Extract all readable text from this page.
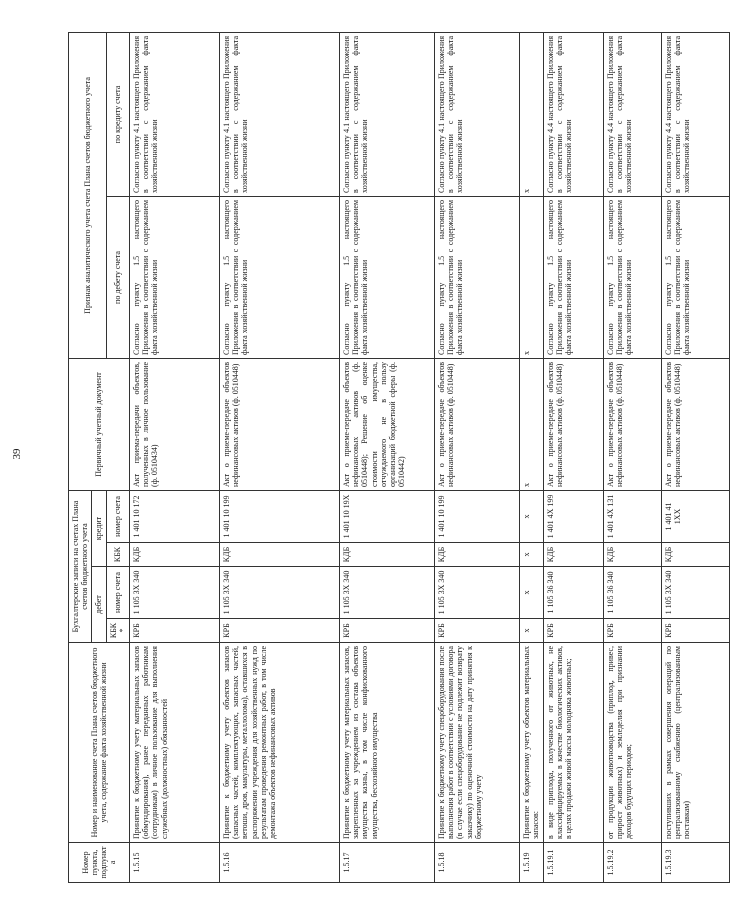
39
Номер пункта, подпункта	Номер и наименование счета Плана счетов бюджетного учета, содержание факта хозяйственной жизни	Бухгалтерские записи на счетах Плана счетов бюджетного учета				Первичный учетный документ	Признак аналитического учета счета Плана счетов бюджетного учета	
		дебет		кредит				
		КБК*	номер счета	КБК	номер счета		по дебету счета	по кредиту счета
1.5.15	Принятие к бюджетному учету материальных запасов (обмундирования), ранее переданных работникам (сотрудникам) в личное пользование для выполнения служебных (должностных) обязанностей	КРБ	1 105 ЗХ 340	КДБ	1 401 10 172	Акт приема-передачи объектов, полученных в личное пользование (ф. 0510434)	Согласно пункту 1.5 настоящего Приложения в соответствии с содержанием факта хозяйственной жизни	Согласно пункту 4.1 настоящего Приложения в соответствии с содержанием факта хозяйственной жизни
1.5.16	Принятие к бюджетному учету объектов запасов (запасных частей, комплектующих, запасных частей, ветоши, дров, макулатуры, металлолома), оставшихся в распоряжении учреждения для хозяйственных нужд по результатам проведения ремонтных работ, в том числе демонтажа объектов нефинансовых активов	КРБ	1 105 3Х 340	КДБ	1 401 10 199	Акт о приеме-передаче объектов нефинансовых активов (ф. 0510448)	Согласно пункту 1.5 настоящего Приложения в соответствии с содержанием факта хозяйственной жизни	Согласно пункту 4.1 настоящего Приложения в соответствии с содержанием факта хозяйственной жизни
1.5.17	Принятие к бюджетному учету материальных запасов, закрепленных за учреждением из состава объектов имущества казны, в том числе конфискованного имущества, бесхозяйного имущества	КРБ	1 105 3Х 340	КДБ	1 401 10 19Х	Акт о приеме-передаче объектов нефинансовых активов (ф. 0510448); Решение об оценке стоимости имущества, отчуждаемого не в пользу организаций бюджетной сферы (ф. 0510442)	Согласно пункту 1.5 настоящего Приложения в соответствии с содержанием факта хозяйственной жизни	Согласно пункту 4.1 настоящего Приложения в соответствии с содержанием факта хозяйственной жизни
1.5.18	Принятие к бюджетному учету спецоборудования после выполнения работ в соответствии с условиями договора (в случае если спецоборудование не подлежит возврату заказчику) по оценочной стоимости на дату принятия к бюджетному учету	КРБ	1 105 3Х 340	КДБ	1 401 10 199	Акт о приеме-передаче объектов нефинансовых активов (ф. 0510448)	Согласно пункту 1.5 настоящего Приложения в соответствии с содержанием факта хозяйственной жизни	Согласно пункту 4.1 настоящего Приложения в соответствии с содержанием факта хозяйственной жизни
1.5.19	Принятие к бюджетному учету объектов материальных запасов:	х	х	х	х	х	х	х
1.5.19.1	в виде приплода, полученного от животных, не классифицируемых в качестве биологических активов, в целях продажи живой массы молодняка животных;	КРБ	1 105 36 340	КДБ	1 401 4Х 199	Акт о приеме-передаче объектов нефинансовых активов (ф. 0510448)	Согласно пункту 1.5 настоящего Приложения в соответствии с содержанием факта хозяйственной жизни	Согласно пункту 4.4 настоящего Приложения в соответствии с содержанием факта хозяйственной жизни
1.5.19.2	от продукции животноводства (приплод, привес, прирост животных) и земледелия при признании доходов будущих периодов;	КРБ	1 105 36 340	КДБ	1 401 4Х 131	Акт о приеме-передаче объектов нефинансовых активов (ф. 0510448)	Согласно пункту 1.5 настоящего Приложения в соответствии с содержанием факта хозяйственной жизни	Согласно пункту 4.4 настоящего Приложения в соответствии с содержанием факта хозяйственной жизни
1.5.19.3	поступивших в рамках совершения операций по централизованному снабжению (централизованным поставкам)	КРБ	1 105 3Х 340	КДБ	1 401 41 1ХХ	Акт о приеме-передаче объектов нефинансовых активов (ф. 0510448)	Согласно пункту 1.5 настоящего Приложения в соответствии с содержанием факта хозяйственной жизни	Согласно пункту 4.4 настоящего Приложения в соответствии с содержанием факта хозяйственной жизни
